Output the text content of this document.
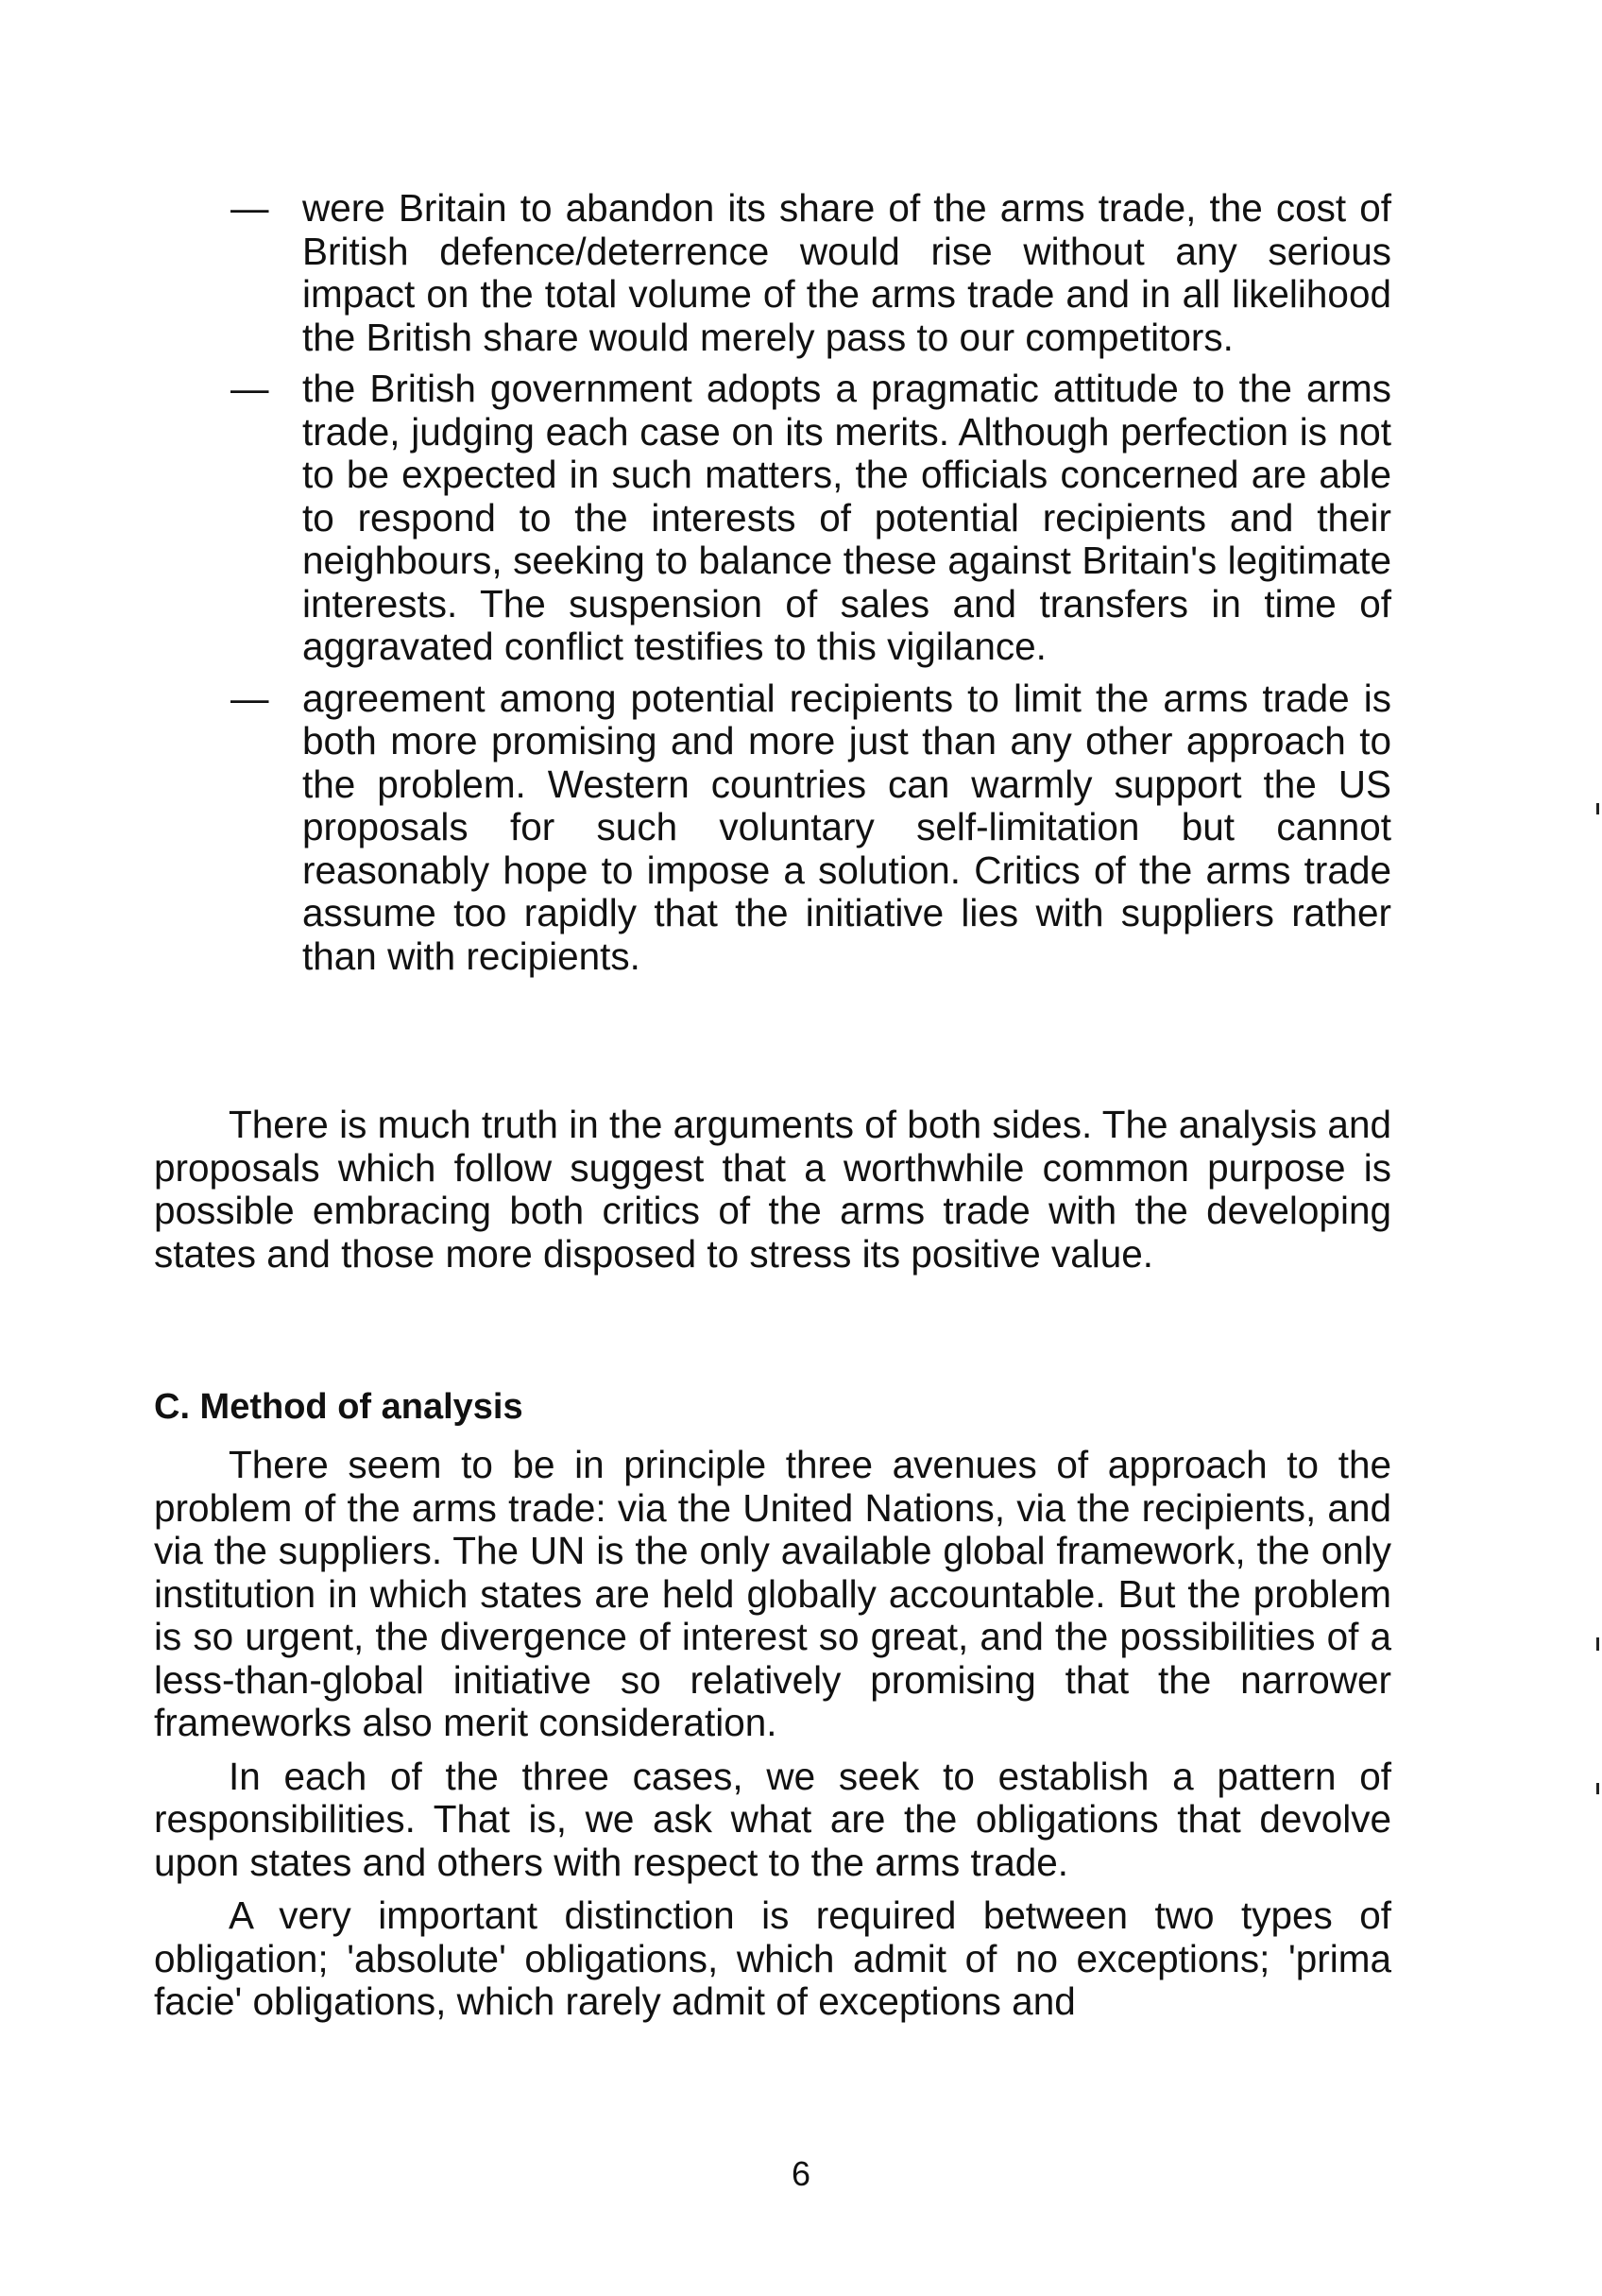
— were Britain to abandon its share of the arms trade, the cost of British defence/deterrence would rise without any serious impact on the total volume of the arms trade and in all likelihood the British share would merely pass to our competitors.
— the British government adopts a pragmatic attitude to the arms trade, judging each case on its merits. Although perfection is not to be expected in such matters, the officials concerned are able to respond to the interests of potential recipients and their neighbours, seeking to balance these against Britain's legitimate interests. The suspension of sales and transfers in time of aggravated conflict testifies to this vigilance.
— agreement among potential recipients to limit the arms trade is both more promising and more just than any other approach to the problem. Western countries can warmly support the US proposals for such voluntary self-limitation but cannot reasonably hope to impose a solution. Critics of the arms trade assume too rapidly that the initiative lies with suppliers rather than with recipients.

There is much truth in the arguments of both sides. The analysis and proposals which follow suggest that a worthwhile common purpose is possible embracing both critics of the arms trade with the developing states and those more disposed to stress its positive value.

C. Method of analysis

There seem to be in principle three avenues of approach to the problem of the arms trade: via the United Nations, via the recipients, and via the suppliers. The UN is the only available global framework, the only institution in which states are held globally accountable. But the problem is so urgent, the divergence of interest so great, and the possibilities of a less-than-global initiative so relatively promising that the narrower frameworks also merit consideration.

In each of the three cases, we seek to establish a pattern of responsibilities. That is, we ask what are the obligations that devolve upon states and others with respect to the arms trade.

A very important distinction is required between two types of obligation; 'absolute' obligations, which admit of no exceptions; 'prima facie' obligations, which rarely admit of exceptions and

6
